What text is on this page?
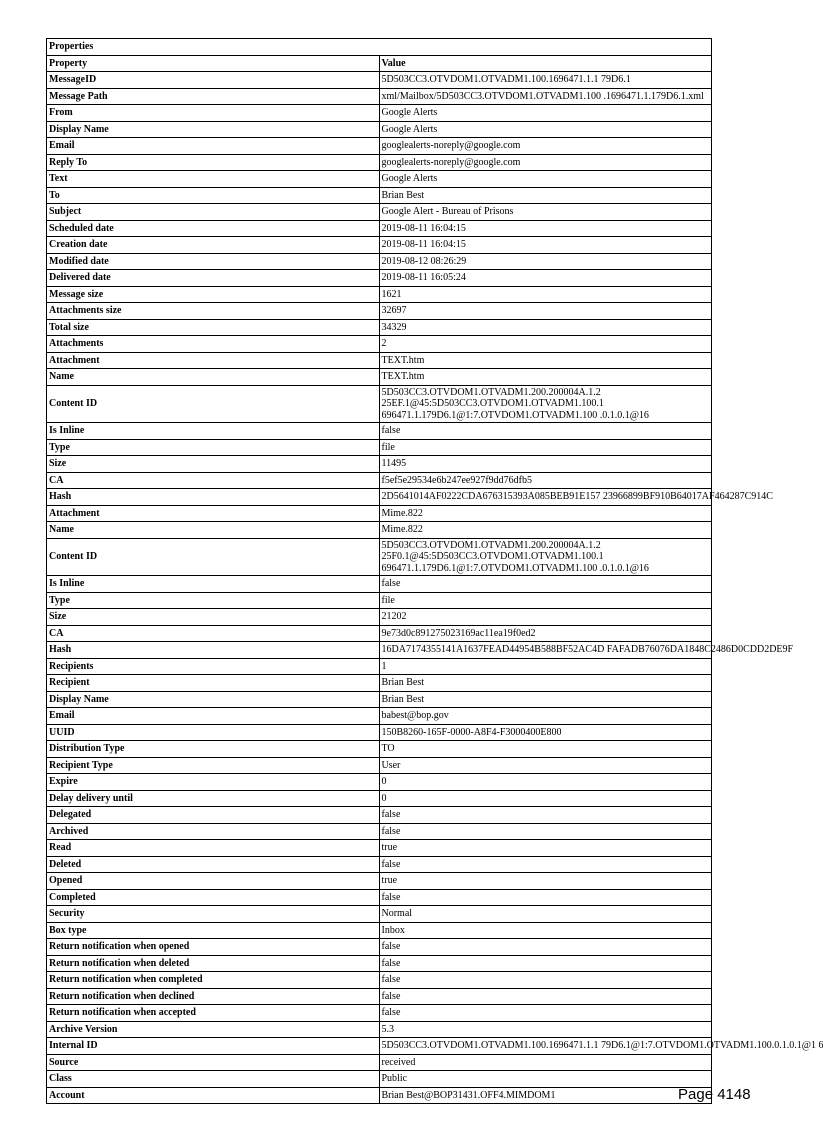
Properties	
Property	Value
MessageID	5D503CC3.OTVDOM1.OTVADM1.100.1696471.1.1 79D6.1
Message Path	xml/Mailbox/5D503CC3.OTVDOM1.OTVADM1.100 .1696471.1.179D6.1.xml
From	Google Alerts
Display Name	Google Alerts
Email	googlealerts-noreply@google.com
Reply To	googlealerts-noreply@google.com
Text	Google Alerts
To	Brian Best
Subject	Google Alert - Bureau of Prisons
Scheduled date	2019-08-11 16:04:15
Creation date	2019-08-11 16:04:15
Modified date	2019-08-12 08:26:29
Delivered date	2019-08-11 16:05:24
Message size	1621
Attachments size	32697
Total size	34329
Attachments	2
Attachment	TEXT.htm
Name	TEXT.htm
Content ID	5D503CC3.OTVDOM1.OTVADM1.200.200004A.1.2
25EF.1@45:5D503CC3.OTVDOM1.OTVADM1.100.1
696471.1.179D6.1@1:7.OTVDOM1.OTVADM1.100 .0.1.0.1@16
Is Inline	false
Type	file
Size	11495
CA	f5ef5e29534e6b247ee927f9dd76dfb5
Hash	2D5641014AF0222CDA676315393A085BEB91E157 23966899BF910B64017AF464287C914C
Attachment	Mime.822
Name	Mime.822
Content ID	5D503CC3.OTVDOM1.OTVADM1.200.200004A.1.2
25F0.1@45:5D503CC3.OTVDOM1.OTVADM1.100.1
696471.1.179D6.1@1:7.OTVDOM1.OTVADM1.100 .0.1.0.1@16
Is Inline	false
Type	file
Size	21202
CA	9e73d0c891275023169ac11ea19f0ed2
Hash	16DA7174355141A1637FEAD44954B588BF52AC4D FAFADB76076DA1848C2486D0CDD2DE9F
Recipients	1
Recipient	Brian Best
Display Name	Brian Best
Email	babest@bop.gov
UUID	150B8260-165F-0000-A8F4-F3000400E800
Distribution Type	TO
Recipient Type	User
Expire	0
Delay delivery until	0
Delegated	false
Archived	false
Read	true
Deleted	false
Opened	true
Completed	false
Security	Normal
Box type	Inbox
Return notification when opened	false
Return notification when deleted	false
Return notification when completed	false
Return notification when declined	false
Return notification when accepted	false
Archive Version	5.3
Internal ID	5D503CC3.OTVDOM1.OTVADM1.100.1696471.1.1 79D6.1@1:7.OTVDOM1.OTVADM1.100.0.1.0.1@1 6
Source	received
Class	Public
Account	Brian Best@BOP31431.OFF4.MIMDOM1	Page 4148
